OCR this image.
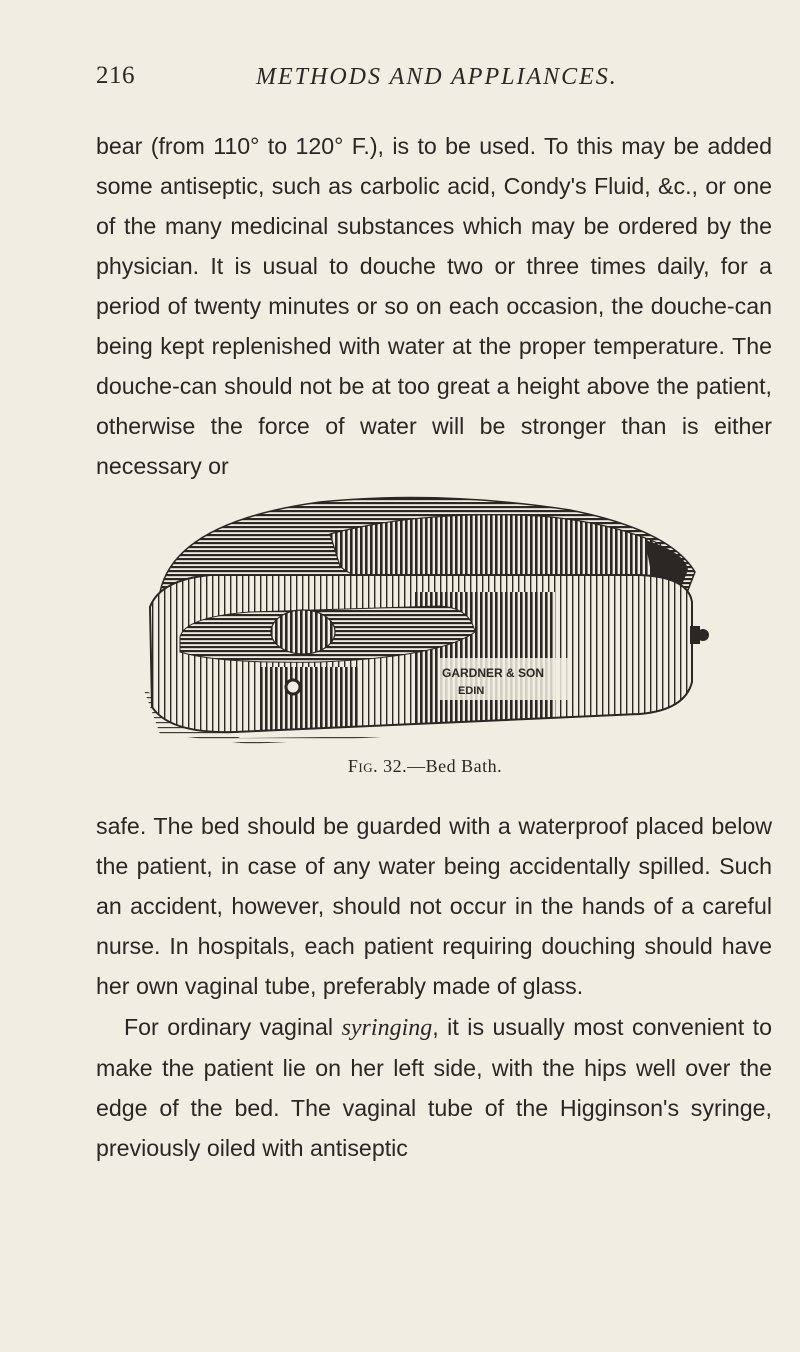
216	METHODS AND APPLIANCES.

bear (from 110° to 120° F.), is to be used. To this may be added some antiseptic, such as carbolic acid, Condy's Fluid, &c., or one of the many medicinal substances which may be ordered by the physician. It is usual to douche two or three times daily, for a period of twenty minutes or so on each occasion, the douche-can being kept replenished with water at the proper temperature. The douche-can should not be at too great a height above the patient, otherwise the force of water will be stronger than is either necessary or

GARDNER & SON
EDIN
Fig. 32.—Bed Bath.

safe. The bed should be guarded with a waterproof placed below the patient, in case of any water being accidentally spilled. Such an accident, however, should not occur in the hands of a careful nurse. In hospitals, each patient requiring douching should have her own vaginal tube, preferably made of glass.

For ordinary vaginal syringing, it is usually most convenient to make the patient lie on her left side, with the hips well over the edge of the bed. The vaginal tube of the Higginson's syringe, previously oiled with antiseptic
